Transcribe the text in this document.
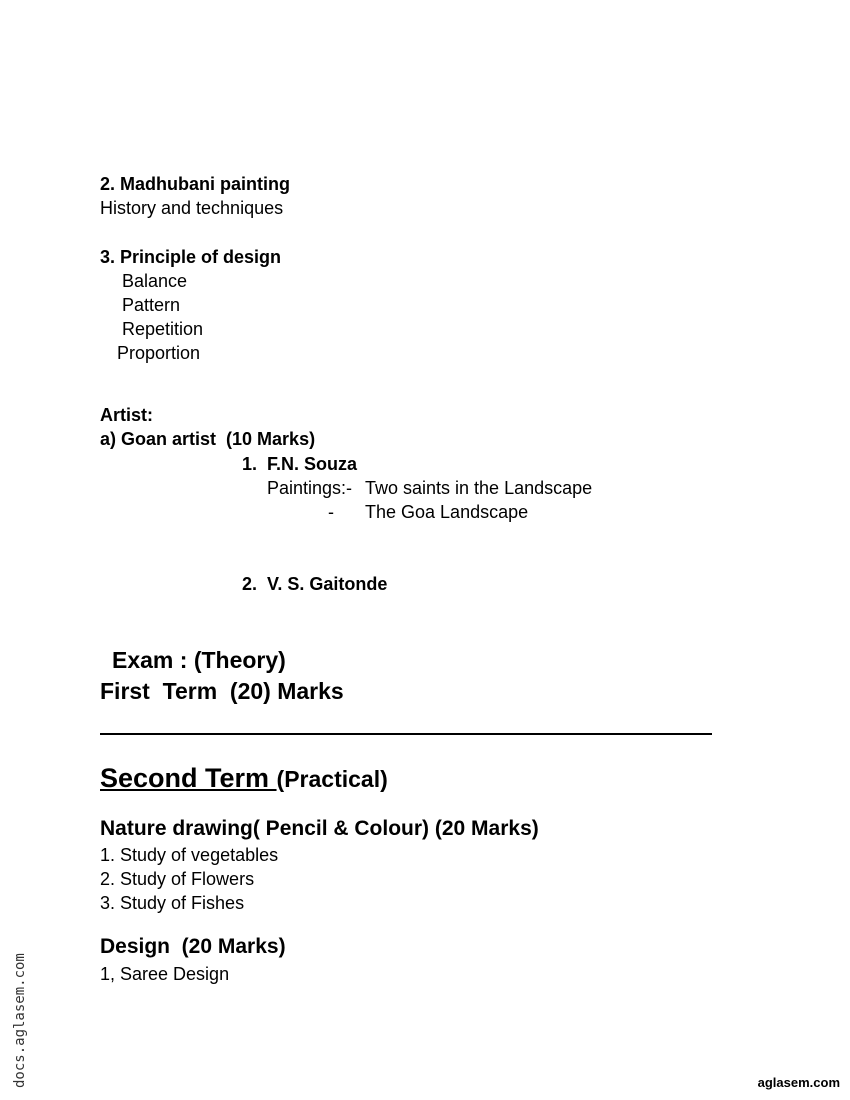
2. Madhubani painting
History and techniques
3. Principle of design
Balance
Pattern
Repetition
Proportion
Artist:
a) Goan artist  (10 Marks)
1. F.N. Souza
Paintings:- Two saints in the Landscape
- The Goa Landscape
2. V. S. Gaitonde
Exam : (Theory)
First  Term  (20) Marks
Second Term (Practical)
Nature drawing( Pencil & Colour) (20 Marks)
1. Study of vegetables
2. Study of Flowers
3. Study of Fishes
Design  (20 Marks)
1, Saree Design
docs.aglasem.com	aglasem.com
